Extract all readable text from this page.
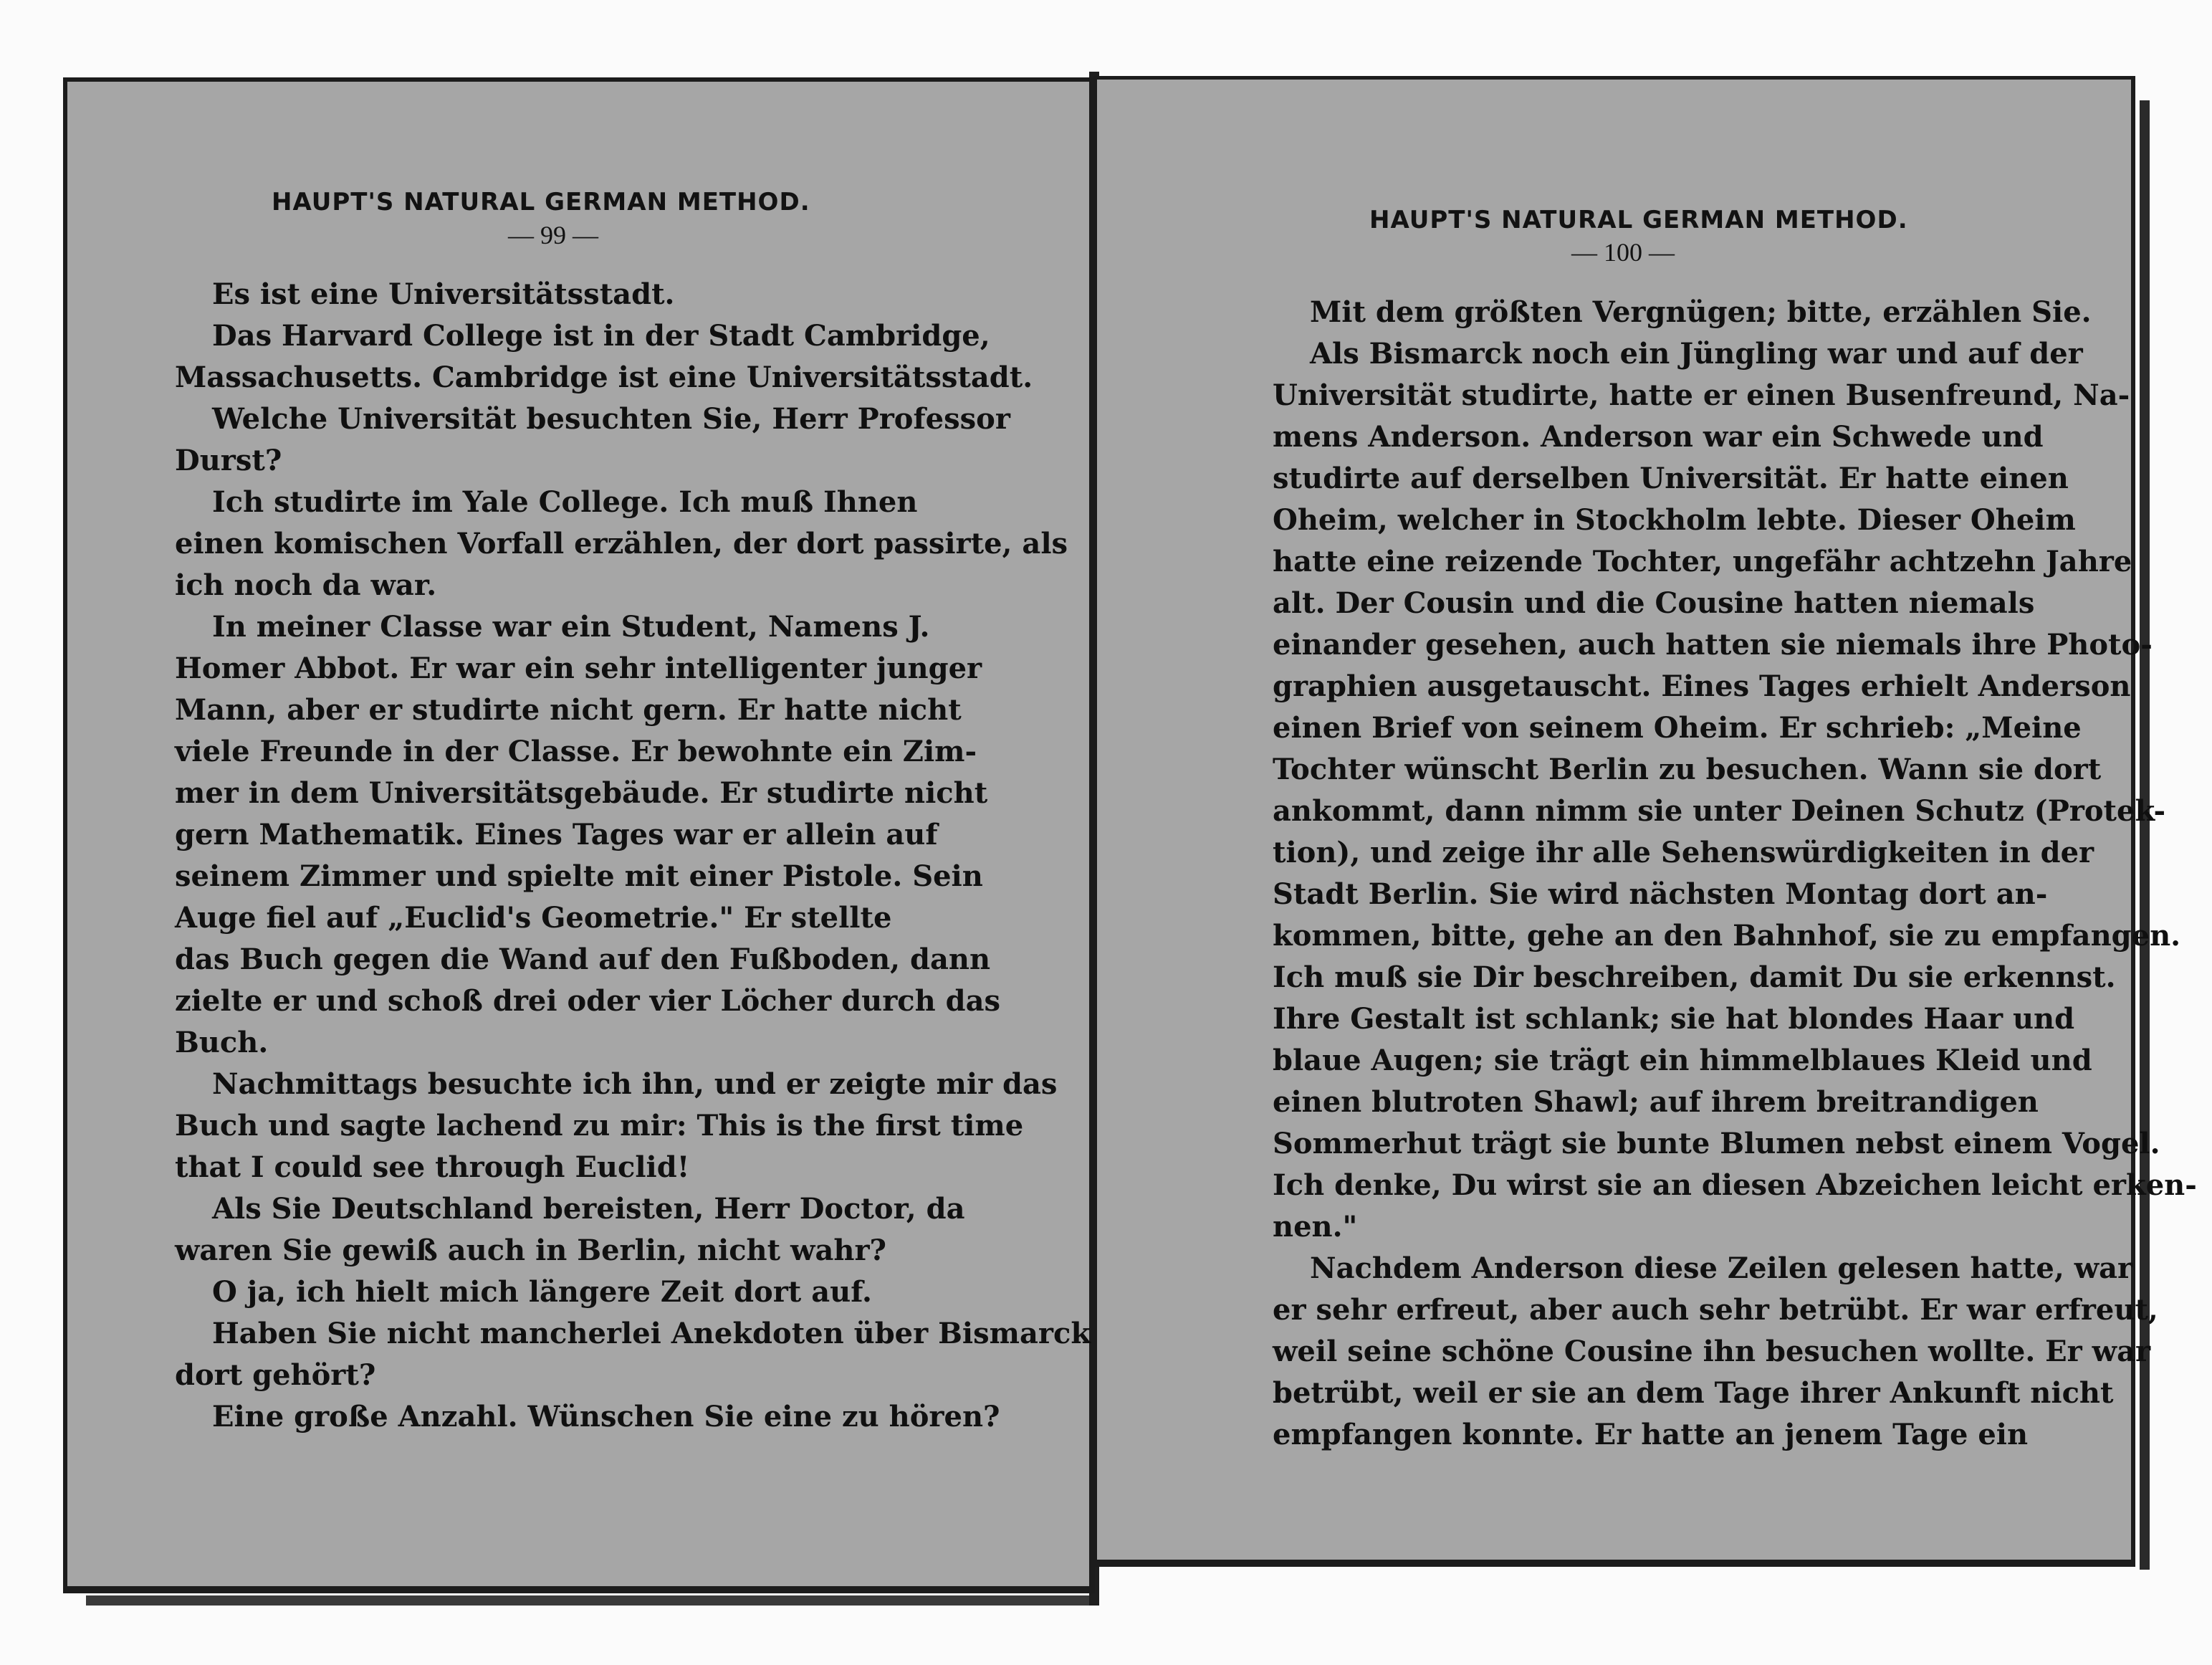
HAUPT'S NATURAL GERMAN METHOD.
— 99 —
Es ist eine Universitätsstadt.
Das Harvard College ist in der Stadt Cambridge,
Massachusetts. Cambridge ist eine Universitätsstadt.
Welche Universität besuchten Sie, Herr Professor
Durst?
Ich studirte im Yale College. Ich muß Ihnen
einen komischen Vorfall erzählen, der dort passirte, als
ich noch da war.
In meiner Classe war ein Student, Namens J.
Homer Abbot. Er war ein sehr intelligenter junger
Mann, aber er studirte nicht gern. Er hatte nicht
viele Freunde in der Classe. Er bewohnte ein Zim-
mer in dem Universitätsgebäude. Er studirte nicht
gern Mathematik. Eines Tages war er allein auf
seinem Zimmer und spielte mit einer Pistole. Sein
Auge fiel auf „Euclid's Geometrie." Er stellte
das Buch gegen die Wand auf den Fußboden, dann
zielte er und schoß drei oder vier Löcher durch das
Buch.
Nachmittags besuchte ich ihn, und er zeigte mir das
Buch und sagte lachend zu mir: This is the first time
that I could see through Euclid!
Als Sie Deutschland bereisten, Herr Doctor, da
waren Sie gewiß auch in Berlin, nicht wahr?
O ja, ich hielt mich längere Zeit dort auf.
Haben Sie nicht mancherlei Anekdoten über Bismarck
dort gehört?
Eine große Anzahl. Wünschen Sie eine zu hören?
HAUPT'S NATURAL GERMAN METHOD.
— 100 —
Mit dem größten Vergnügen; bitte, erzählen Sie.
Als Bismarck noch ein Jüngling war und auf der
Universität studirte, hatte er einen Busenfreund, Na-
mens Anderson. Anderson war ein Schwede und
studirte auf derselben Universität. Er hatte einen
Oheim, welcher in Stockholm lebte. Dieser Oheim
hatte eine reizende Tochter, ungefähr achtzehn Jahre
alt. Der Cousin und die Cousine hatten niemals
einander gesehen, auch hatten sie niemals ihre Photo-
graphien ausgetauscht. Eines Tages erhielt Anderson
einen Brief von seinem Oheim. Er schrieb: „Meine
Tochter wünscht Berlin zu besuchen. Wann sie dort
ankommt, dann nimm sie unter Deinen Schutz (Protek-
tion), und zeige ihr alle Sehenswürdigkeiten in der
Stadt Berlin. Sie wird nächsten Montag dort an-
kommen, bitte, gehe an den Bahnhof, sie zu empfangen.
Ich muß sie Dir beschreiben, damit Du sie erkennst.
Ihre Gestalt ist schlank; sie hat blondes Haar und
blaue Augen; sie trägt ein himmelblaues Kleid und
einen blutroten Shawl; auf ihrem breitrandigen
Sommerhut trägt sie bunte Blumen nebst einem Vogel.
Ich denke, Du wirst sie an diesen Abzeichen leicht erken-
nen."
Nachdem Anderson diese Zeilen gelesen hatte, war
er sehr erfreut, aber auch sehr betrübt. Er war erfreut,
weil seine schöne Cousine ihn besuchen wollte. Er war
betrübt, weil er sie an dem Tage ihrer Ankunft nicht
empfangen konnte. Er hatte an jenem Tage ein
